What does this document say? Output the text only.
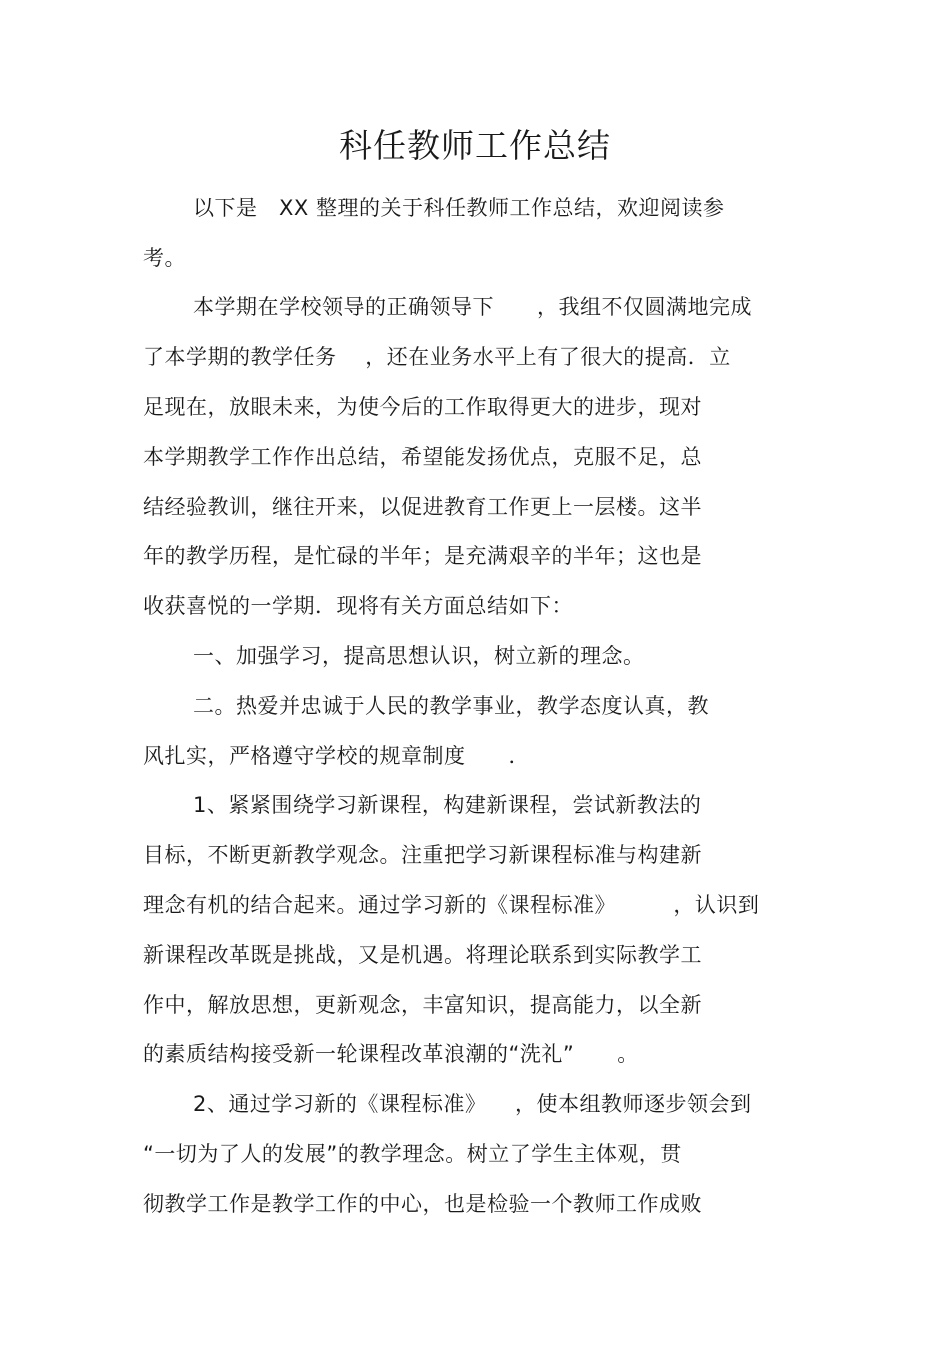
科任教师工作总结
以下是   XX 整理的关于科任教师工作总结，欢迎阅读参
考。
本学期在学校领导的正确领导下      ，我组不仅圆满地完成
了本学期的教学任务    ，还在业务水平上有了很大的提高．立
足现在，放眼未来，为使今后的工作取得更大的进步，现对
本学期教学工作作出总结，希望能发扬优点，克服不足，总
结经验教训，继往开来，以促进教育工作更上一层楼。这半
年的教学历程，是忙碌的半年；是充满艰辛的半年；这也是
收获喜悦的一学期．现将有关方面总结如下：
一、加强学习，提高思想认识，树立新的理念。
二。热爱并忠诚于人民的教学事业，教学态度认真，教
风扎实，严格遵守学校的规章制度      ．
1、紧紧围绕学习新课程，构建新课程，尝试新教法的
目标，不断更新教学观念。注重把学习新课程标准与构建新
理念有机的结合起来。通过学习新的《课程标准》        ，认识到
新课程改革既是挑战，又是机遇。将理论联系到实际教学工
作中，解放思想，更新观念，丰富知识，提高能力，以全新
的素质结构接受新一轮课程改革浪潮的“洗礼”      。
2、通过学习新的《课程标准》    ，使本组教师逐步领会到
“一切为了人的发展”的教学理念。树立了学生主体观，贯
彻教学工作是教学工作的中心，也是检验一个教师工作成败
